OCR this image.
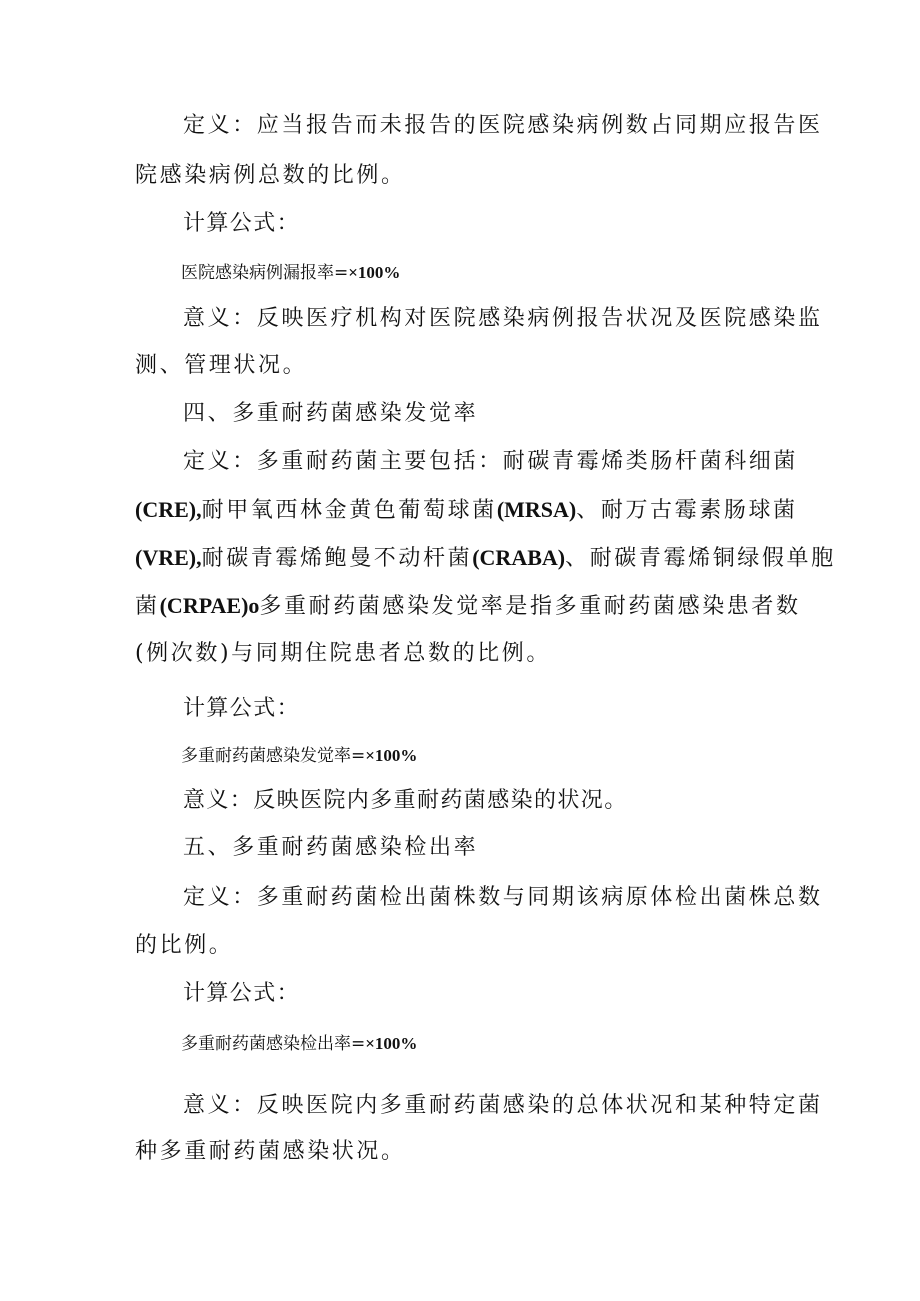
定义：应当报告而未报告的医院感染病例数占同期应报告医
院感染病例总数的比例。
计算公式：
医院感染病例漏报率=×100%
意义：反映医疗机构对医院感染病例报告状况及医院感染监
测、管理状况。
四、多重耐药菌感染发觉率
定义：多重耐药菌主要包括：耐碳青霉烯类肠杆菌科细菌
(CRE),耐甲氧西林金黄色葡萄球菌(MRSA)、耐万古霉素肠球菌
(VRE),耐碳青霉烯鲍曼不动杆菌(CRABA)、耐碳青霉烯铜绿假单胞
菌(CRPAE)o多重耐药菌感染发觉率是指多重耐药菌感染患者数
(例次数)与同期住院患者总数的比例。
计算公式：
多重耐药菌感染发觉率=×100%
意义：反映医院内多重耐药菌感染的状况。
五、多重耐药菌感染检出率
定义：多重耐药菌检出菌株数与同期该病原体检出菌株总数
的比例。
计算公式：
多重耐药菌感染检出率=×100%
意义：反映医院内多重耐药菌感染的总体状况和某种特定菌
种多重耐药菌感染状况。
